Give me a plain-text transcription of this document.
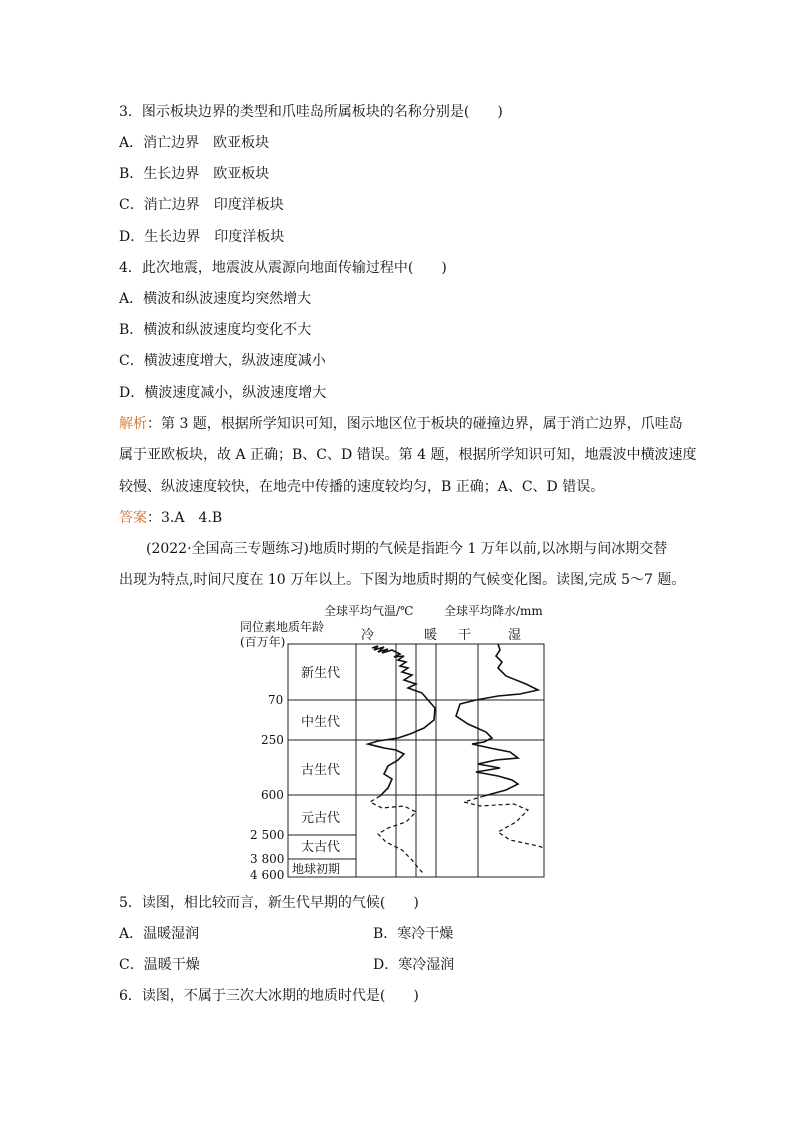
3．图示板块边界的类型和爪哇岛所属板块的名称分别是(　　)
A．消亡边界　欧亚板块
B．生长边界　欧亚板块
C．消亡边界　印度洋板块
D．生长边界　印度洋板块
4．此次地震，地震波从震源向地面传输过程中(　　)
A．横波和纵波速度均突然增大
B．横波和纵波速度均变化不大
C．横波速度增大，纵波速度减小
D．横波速度减小，纵波速度增大
解析：第 3 题，根据所学知识可知，图示地区位于板块的碰撞边界，属于消亡边界，爪哇岛
属于亚欧板块，故 A 正确；B、C、D 错误。第 4 题，根据所学知识可知，地震波中横波速度
较慢、纵波速度较快，在地壳中传播的速度较均匀，B 正确；A、C、D 错误。
答案：3.A　4.B
(2022·全国高三专题练习)地质时期的气候是指距今 1 万年以前,以冰期与间冰期交替
出现为特点,时间尺度在 10 万年以上。下图为地质时期的气候变化图。读图,完成 5～7 题。
全球平均气温/℃	全球平均降水/mm
同位素地质年龄
(百万年)	冷	暖 干	湿
新生代
中生代
古生代
元古代
太古代
地球初期
70
250
600
2 500
3 800
4 600
5．读图，相比较而言，新生代早期的气候(　　)
A．温暖湿润	B．寒冷干燥
C．温暖干燥	D．寒冷湿润
6．读图，不属于三次大冰期的地质时代是(　　)
